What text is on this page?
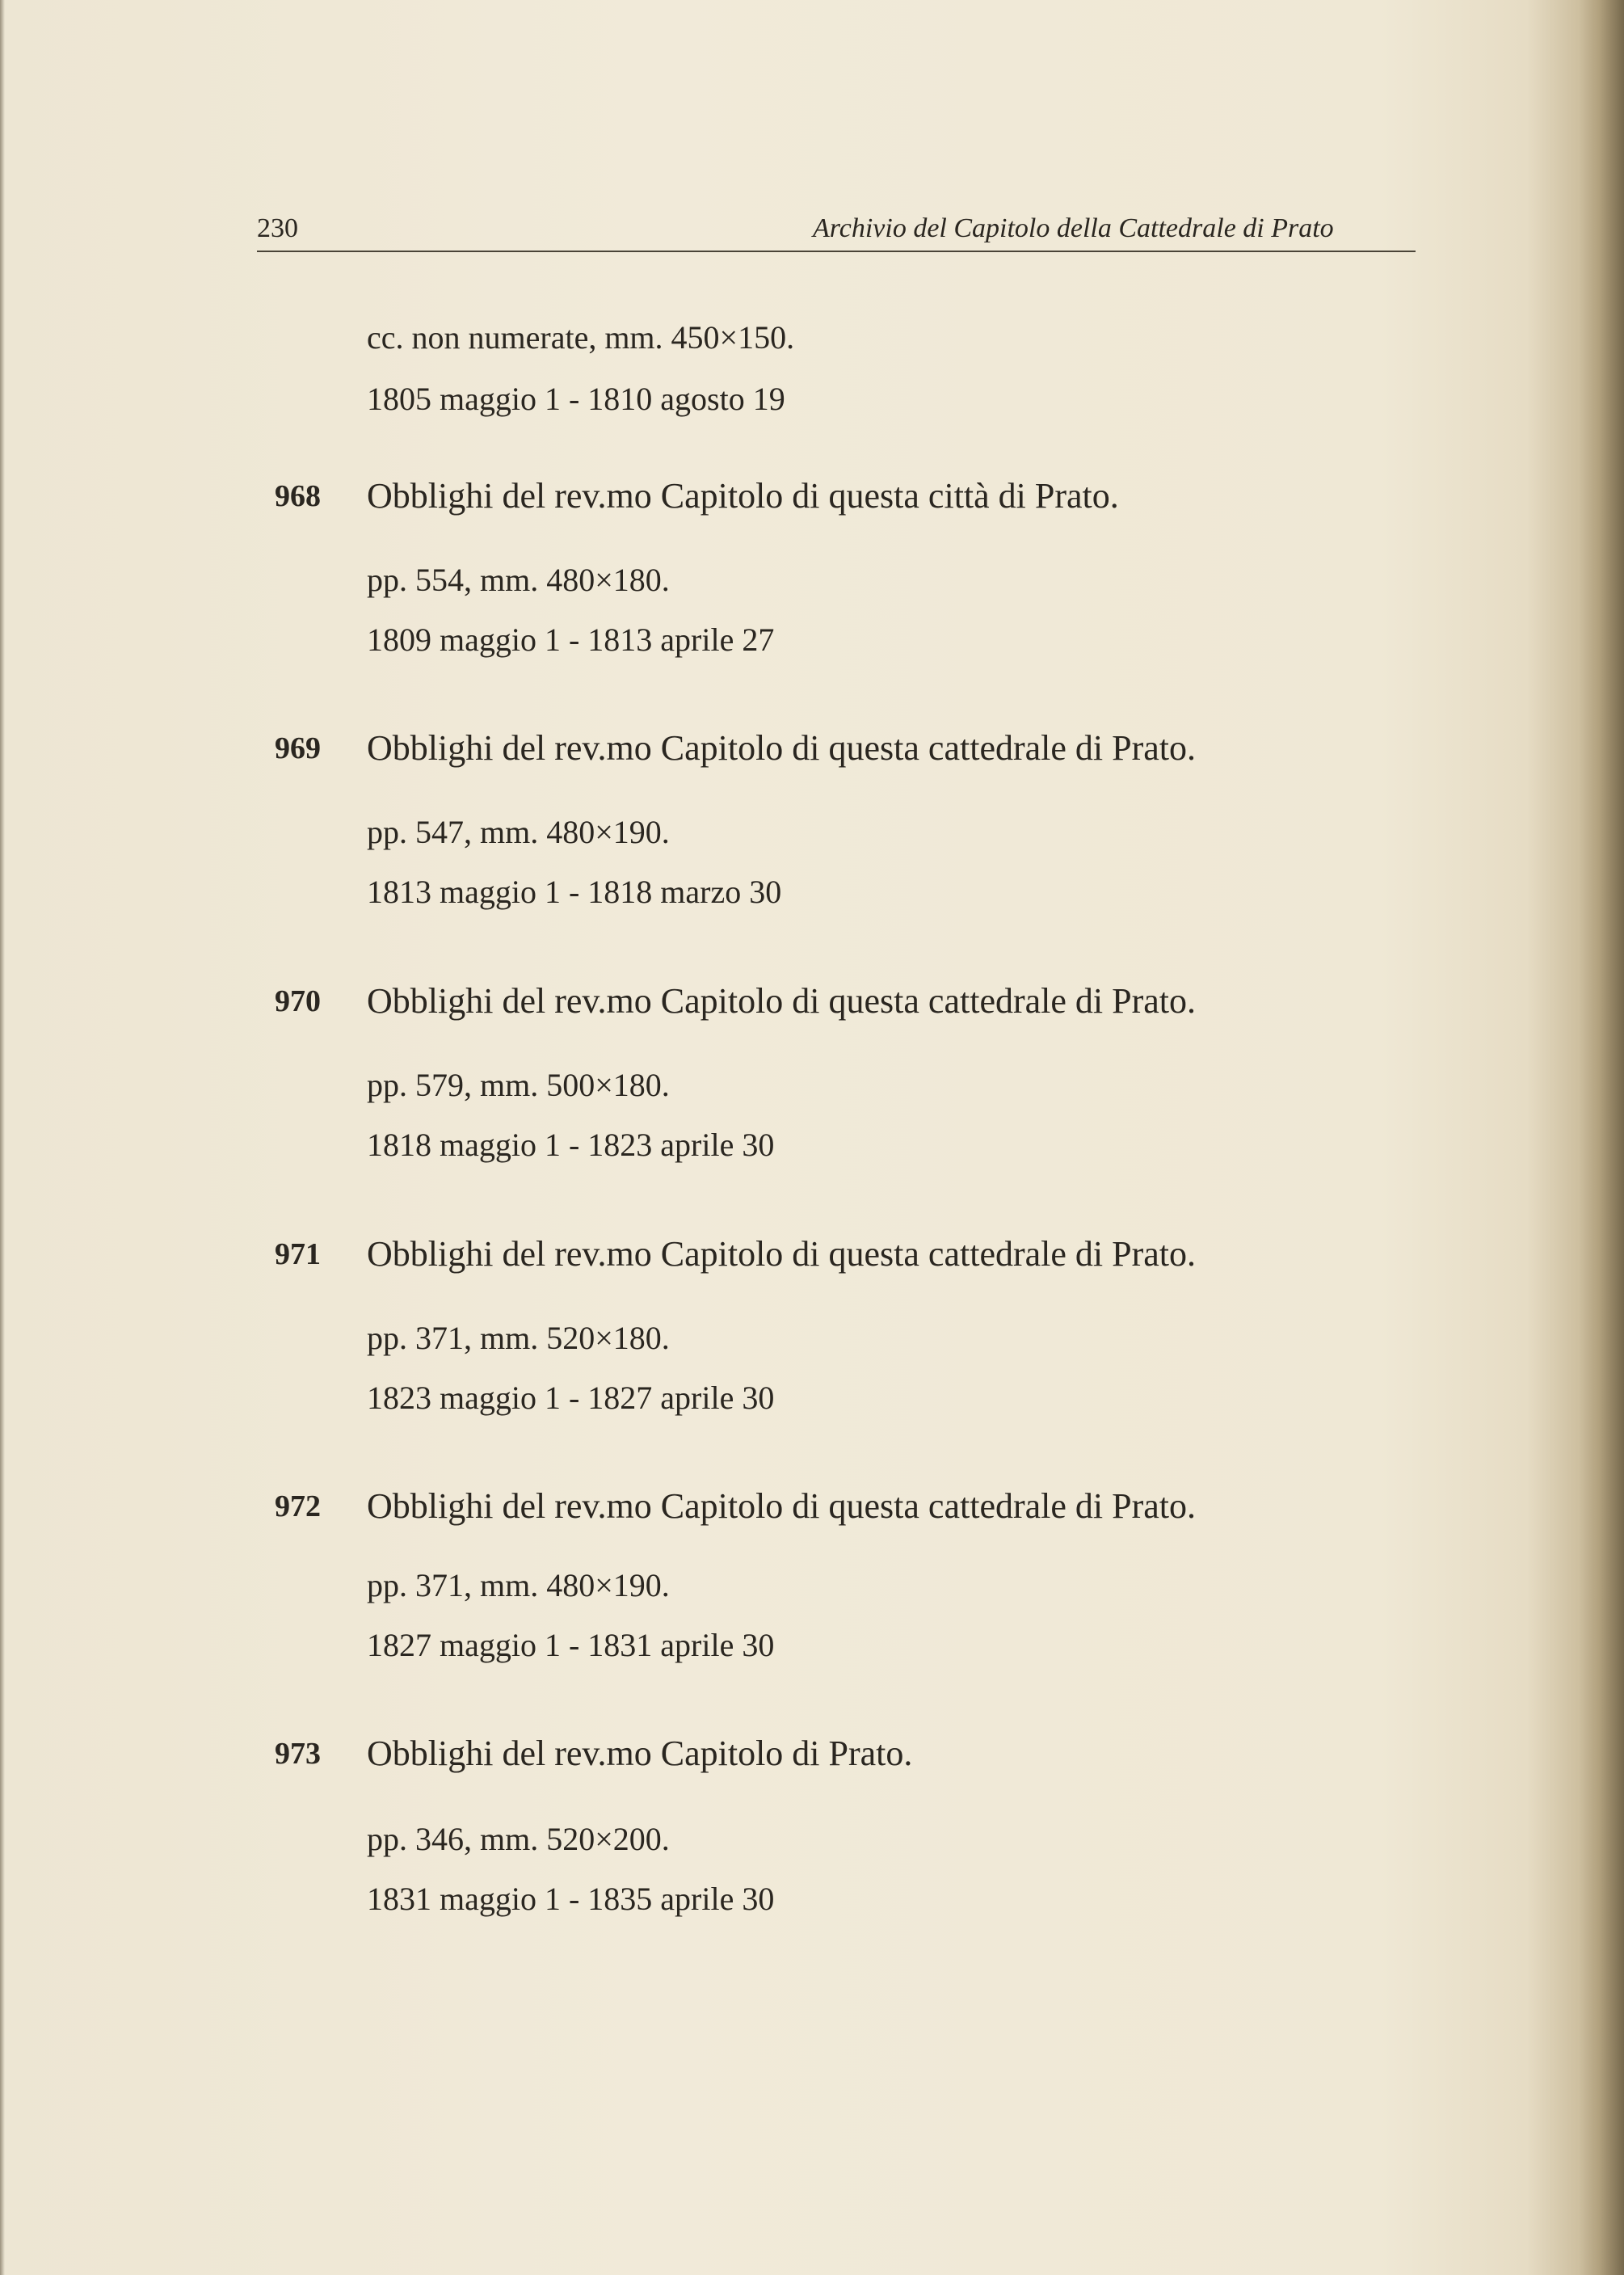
230	Archivio del Capitolo della Cattedrale di Prato
cc. non numerate, mm. 450×150.
1805 maggio 1 - 1810 agosto 19
968 Obblighi del rev.mo Capitolo di questa città di Prato.
pp. 554, mm. 480×180.
1809 maggio 1 - 1813 aprile 27
969 Obblighi del rev.mo Capitolo di questa cattedrale di Prato.
pp. 547, mm. 480×190.
1813 maggio 1 - 1818 marzo 30
970 Obblighi del rev.mo Capitolo di questa cattedrale di Prato.
pp. 579, mm. 500×180.
1818 maggio 1 - 1823 aprile 30
971 Obblighi del rev.mo Capitolo di questa cattedrale di Prato.
pp. 371, mm. 520×180.
1823 maggio 1 - 1827 aprile 30
972 Obblighi del rev.mo Capitolo di questa cattedrale di Prato.
pp. 371, mm. 480×190.
1827 maggio 1 - 1831 aprile 30
973 Obblighi del rev.mo Capitolo di Prato.
pp. 346, mm. 520×200.
1831 maggio 1 - 1835 aprile 30
